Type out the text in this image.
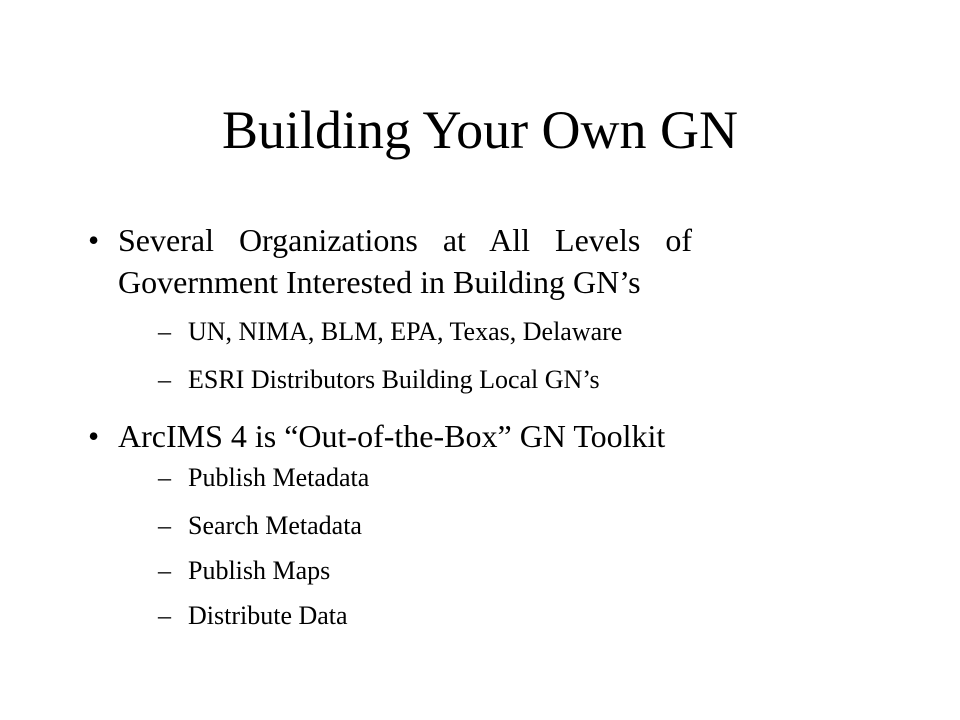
Building Your Own GN
• Several Organizations at All Levels of
Government Interested in Building GN’s
– UN, NIMA, BLM, EPA, Texas, Delaware
– ESRI Distributors Building Local GN’s
• ArcIMS 4 is “Out-of-the-Box” GN Toolkit
– Publish Metadata
– Search Metadata
– Publish Maps
– Distribute Data
